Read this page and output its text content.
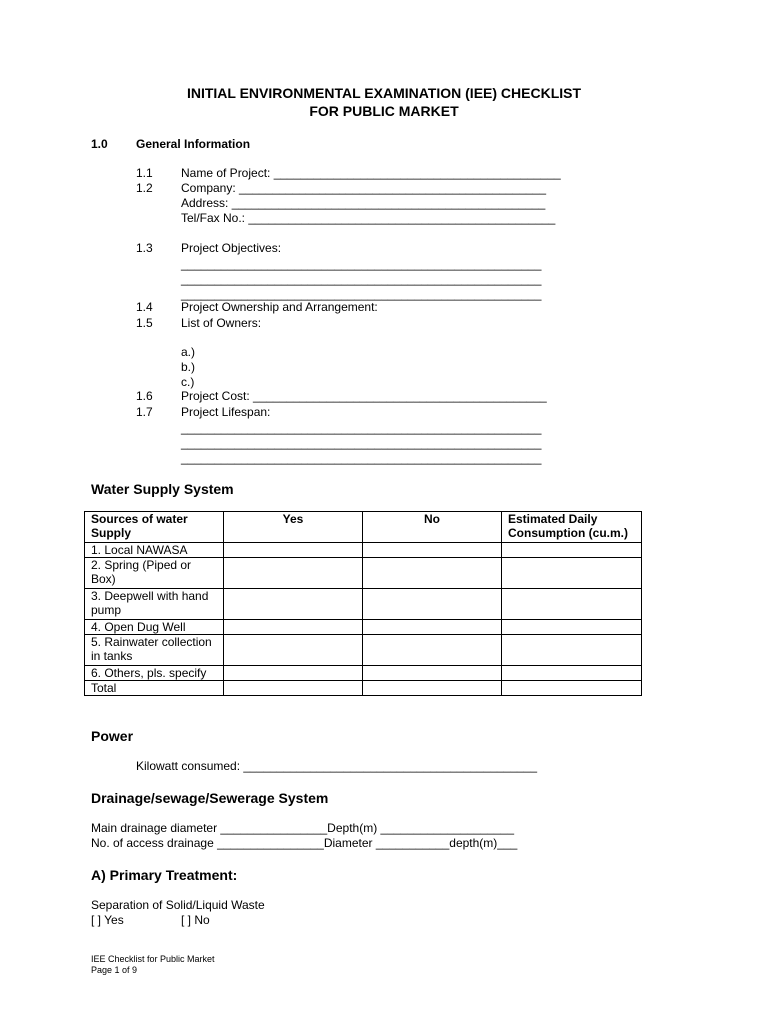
INITIAL ENVIRONMENTAL EXAMINATION (IEE) CHECKLIST
FOR PUBLIC MARKET
1.0 General Information
1.1 Name of Project: ___________________________________________
1.2 Company: ______________________________________________
Address: _______________________________________________
Tel/Fax No.: ______________________________________________
1.3 Project Objectives:
______________________________________________________
______________________________________________________
______________________________________________________
1.4 Project Ownership and Arrangement:
1.5 List of Owners:
a.)
b.)
c.)
1.6 Project Cost: ____________________________________________
1.7 Project Lifespan:
______________________________________________________
______________________________________________________
______________________________________________________
Water Supply System
Sources of water Supply	Yes	No	Estimated Daily Consumption (cu.m.)
1. Local NAWASA			
2. Spring (Piped or Box)			
3. Deepwell with hand pump			
4. Open Dug Well			
5. Rainwater collection in tanks			
6. Others, pls. specify			
Total			
Power
Kilowatt consumed: ____________________________________________
Drainage/sewage/Sewerage System
Main drainage diameter ________________Depth(m) ____________________
No. of access drainage ________________Diameter ___________depth(m)___
A) Primary Treatment:
Separation of Solid/Liquid Waste
[ ] Yes	[ ] No
IEE Checklist for Public Market
Page 1 of 9
